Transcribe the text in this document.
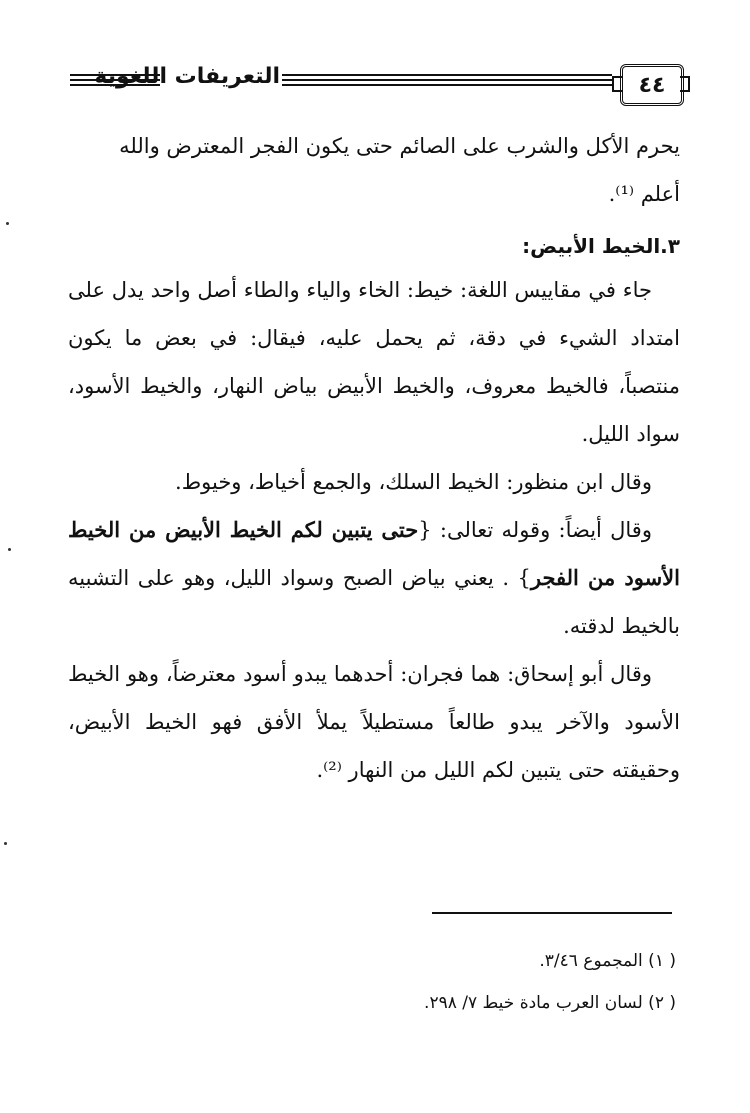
التعريفات اللغوية	٤٤

يحرم الأكل والشرب على الصائم حتى يكون الفجر المعترض والله

أعلم ⁽¹⁾.

٣.الخيط الأبيض:

جاء في مقاييس اللغة: خيط: الخاء والياء والطاء أصل واحد يدل على امتداد الشيء في دقة، ثم يحمل عليه، فيقال: في بعض ما يكون منتصباً، فالخيط معروف، والخيط الأبيض بياض النهار، والخيط الأسود، سواد الليل.

وقال ابن منظور: الخيط السلك، والجمع أخياط، وخيوط.

وقال أيضاً: وقوله تعالى: {حتى يتبين لكم الخيط الأبيض من الخيط الأسود من الفجر} . يعني بياض الصبح وسواد الليل، وهو على التشبيه بالخيط لدقته.

وقال أبو إسحاق: هما فجران: أحدهما يبدو أسود معترضاً، وهو الخيط الأسود والآخر يبدو طالعاً مستطيلاً يملأ الأفق فهو الخيط الأبيض، وحقيقته حتى يتبين لكم الليل من النهار ⁽²⁾.

( ١) المجموع ٣/٤٦.

( ٢) لسان العرب مادة خيط ٧/ ٢٩٨.
